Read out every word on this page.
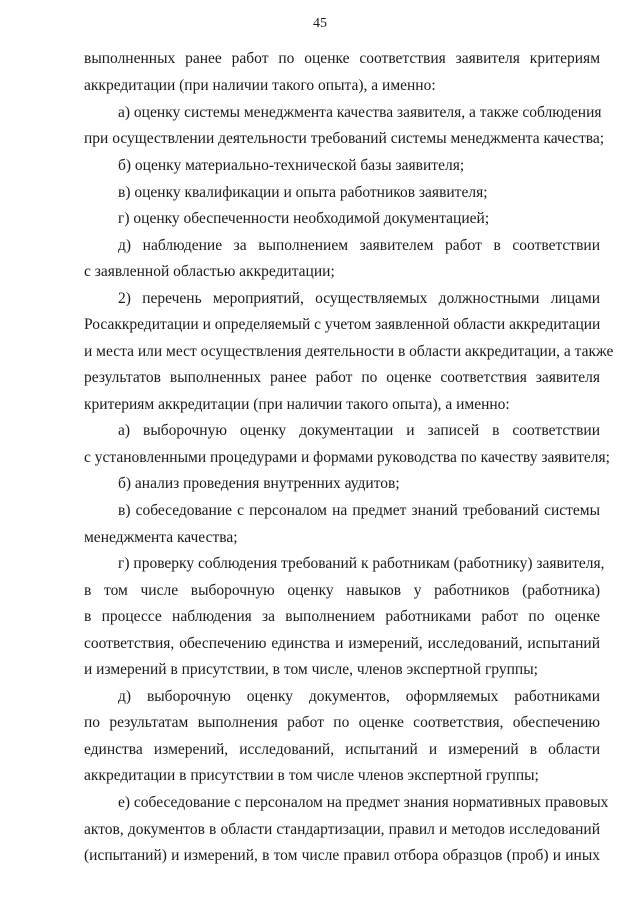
45
выполненных ранее работ по оценке соответствия заявителя критериям
аккредитации (при наличии такого опыта), а именно:
а) оценку системы менеджмента качества заявителя, а также соблюдения
при осуществлении деятельности требований системы менеджмента качества;
б) оценку материально-технической базы заявителя;
в) оценку квалификации и опыта работников заявителя;
г) оценку обеспеченности необходимой документацией;
д) наблюдение за выполнением заявителем работ в соответствии
с заявленной областью аккредитации;
2) перечень мероприятий, осуществляемых должностными лицами
Росаккредитации и определяемый с учетом заявленной области аккредитации
и места или мест осуществления деятельности в области аккредитации, а также
результатов выполненных ранее работ по оценке соответствия заявителя
критериям аккредитации (при наличии такого опыта), а именно:
а) выборочную оценку документации и записей в соответствии
с установленными процедурами и формами руководства по качеству заявителя;
б) анализ проведения внутренних аудитов;
в) собеседование с персоналом на предмет знаний требований системы
менеджмента качества;
г) проверку соблюдения требований к работникам (работнику) заявителя,
в том числе выборочную оценку навыков у работников (работника)
в процессе наблюдения за выполнением работниками работ по оценке
соответствия, обеспечению единства и измерений, исследований, испытаний
и измерений в присутствии, в том числе, членов экспертной группы;
д) выборочную оценку документов, оформляемых работниками
по результатам выполнения работ по оценке соответствия, обеспечению
единства измерений, исследований, испытаний и измерений в области
аккредитации в присутствии в том числе членов экспертной группы;
е) собеседование с персоналом на предмет знания нормативных правовых
актов, документов в области стандартизации, правил и методов исследований
(испытаний) и измерений, в том числе правил отбора образцов (проб) и иных
